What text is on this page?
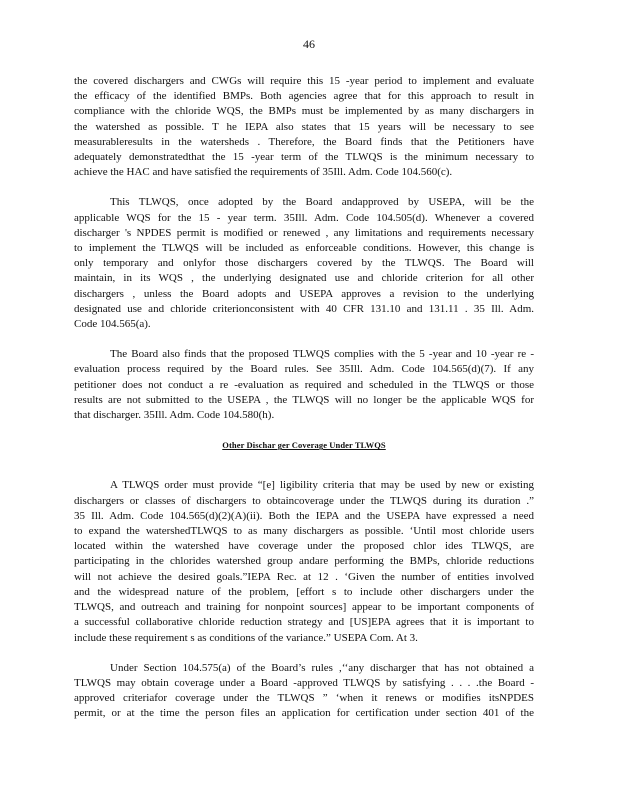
46
the covered dischargers and CWGs will require this 15 -year period to implement and evaluate
the efficacy of the identified BMPs. Both agencies agree that for this approach to result in
compliance with the chloride WQS, the BMPs must be implemented by as many dischargers in
the watershed as possible. T he IEPA also states that 15 years will be necessary to see
measurableresults in the watersheds . Therefore, the Board finds that the Petitioners have
adequately demonstratedthat the 15 -year term of the TLWQS is the minimum necessary to
achieve the HAC and have satisfied the requirements of 35Ill. Adm. Code 104.560(c).
This TLWQS, once adopted by the Board andapproved by USEPA, will be the
applicable WQS for the 15 - year term. 35Ill. Adm. Code 104.505(d). Whenever a covered
discharger 's NPDES permit is modified or renewed , any limitations and requirements necessary
to implement the TLWQS will be included as enforceable conditions. However, this change is
only temporary and onlyfor those dischargers covered by the TLWQS. The Board will
maintain, in its WQS , the underlying designated use and chloride criterion for all other
dischargers , unless the Board adopts and USEPA approves a revision to the underlying
designated use and chloride criterionconsistent with 40 CFR 131.10 and 131.11 . 35 Ill. Adm.
Code 104.565(a).
The Board also finds that the proposed TLWQS complies with the 5 -year and 10 -year re -
evaluation process required by the Board rules. See 35Ill. Adm. Code 104.565(d)(7). If any
petitioner does not conduct a re -evaluation as required and scheduled in the TLWQS or those
results are not submitted to the USEPA , the TLWQS will no longer be the applicable WQS for
that discharger. 35Ill. Adm. Code 104.580(h).
Other Dischar ger Coverage Under TLWQS
A TLWQS order must provide “[e] ligibility criteria that may be used by new or existing
dischargers or classes of dischargers to obtaincoverage under the TLWQS during its duration .”
35 Ill. Adm. Code 104.565(d)(2)(A)(ii). Both the IEPA and the USEPA have expressed a need
to expand the watershedTLWQS to as many dischargers as possible. ‘Until most chloride users
located within the watershed have coverage under the proposed chlor ides TLWQS, are
participating in the chlorides watershed group andare performing the BMPs, chloride reductions
will not achieve the desired goals.”IEPA Rec. at 12 . ‘Given the number of entities involved
and the widespread nature of the problem, [effort s to include other dischargers under the
TLWQS, and outreach and training for nonpoint sources] appear to be important components of
a successful collaborative chloride reduction strategy and [US]EPA agrees that it is important to
include these requirement s as conditions of the variance.” USEPA Com. At 3.
Under Section 104.575(a) of the Board’s rules ,‘‘any discharger that has not obtained a
TLWQS may obtain coverage under a Board -approved TLWQS by satisfying . . . .the Board -
approved criteriafor coverage under the TLWQS ” ‘when it renews or modifies itsNPDES
permit, or at the time the person files an application for certification under section 401 of the
